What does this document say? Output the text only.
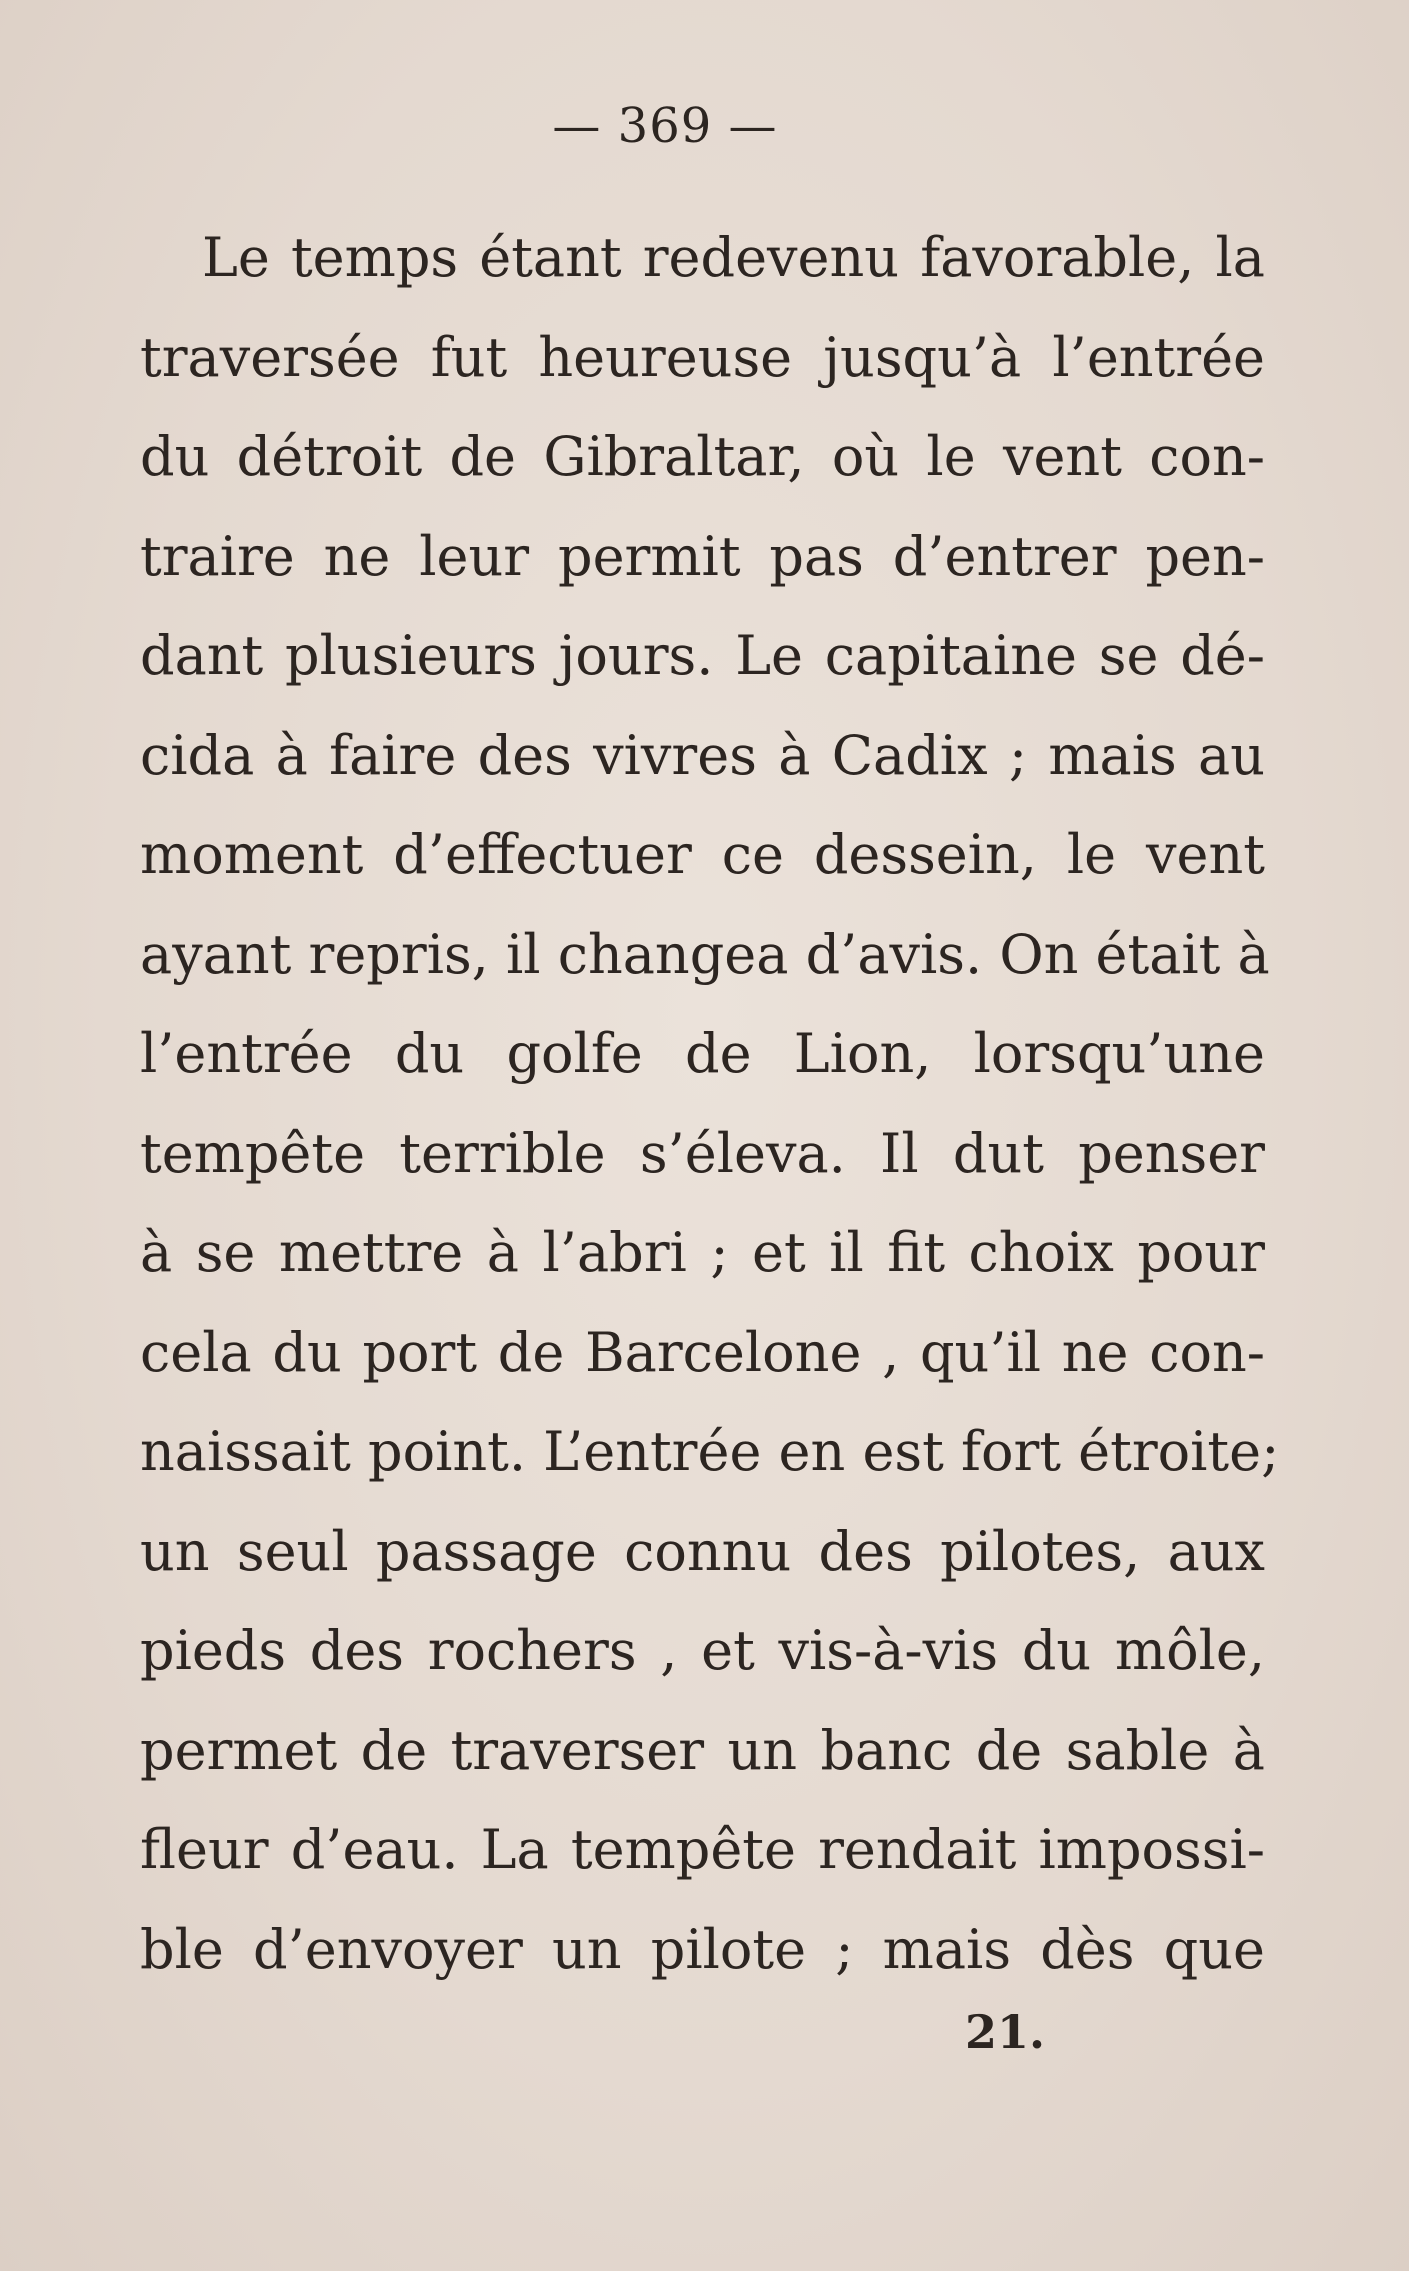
— 369 —
Le temps étant redevenu favorable, la
traversée fut heureuse jusqu’à l’entrée
du détroit de Gibraltar, où le vent con-
traire ne leur permit pas d’entrer pen-
dant plusieurs jours. Le capitaine se dé-
cida à faire des vivres à Cadix ; mais au
moment d’effectuer ce dessein, le vent
ayant repris, il changea d’avis. On était à
l’entrée du golfe de Lion, lorsqu’une
tempête terrible s’éleva. Il dut penser
à se mettre à l’abri ; et il fit choix pour
cela du port de Barcelone , qu’il ne con-
naissait point. L’entrée en est fort étroite;
un seul passage connu des pilotes, aux
pieds des rochers , et vis-à-vis du môle,
permet de traverser un banc de sable à
fleur d’eau. La tempête rendait impossi-
ble d’envoyer un pilote ; mais dès que
21.
